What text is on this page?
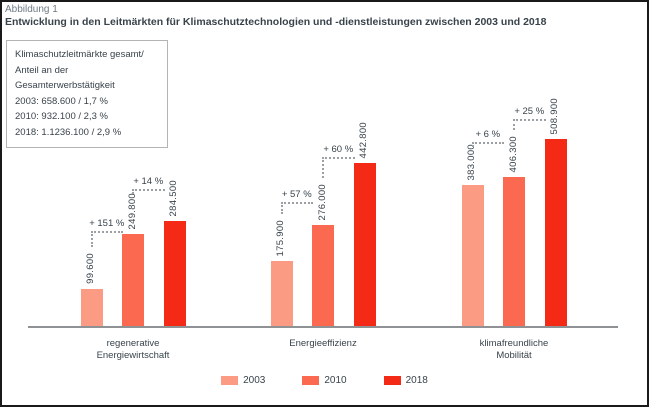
Abbildung 1
Entwicklung in den Leitmärkten für Klimaschutztechnologien und -dienstleistungen zwischen 2003 und 2018
Klimaschutzleitmärkte gesamt/
Anteil an der Gesamterwerbstätigkeit
2003: 658.600 / 1,7 %
2010: 932.100 / 2,3 %
2018: 1.1236.100 / 2,9 %
99.600
175.900
383.000
249.800	276.000
406.300
284.500
442.800
508.900
+ 151 %
+ 14 %
+ 57 %
+ 60 %
+ 6 %
+ 25 %
regenerative
Energiewirtschaft
Energieeffizienz	klimafreundliche
Mobilität
2003	2010	2018
